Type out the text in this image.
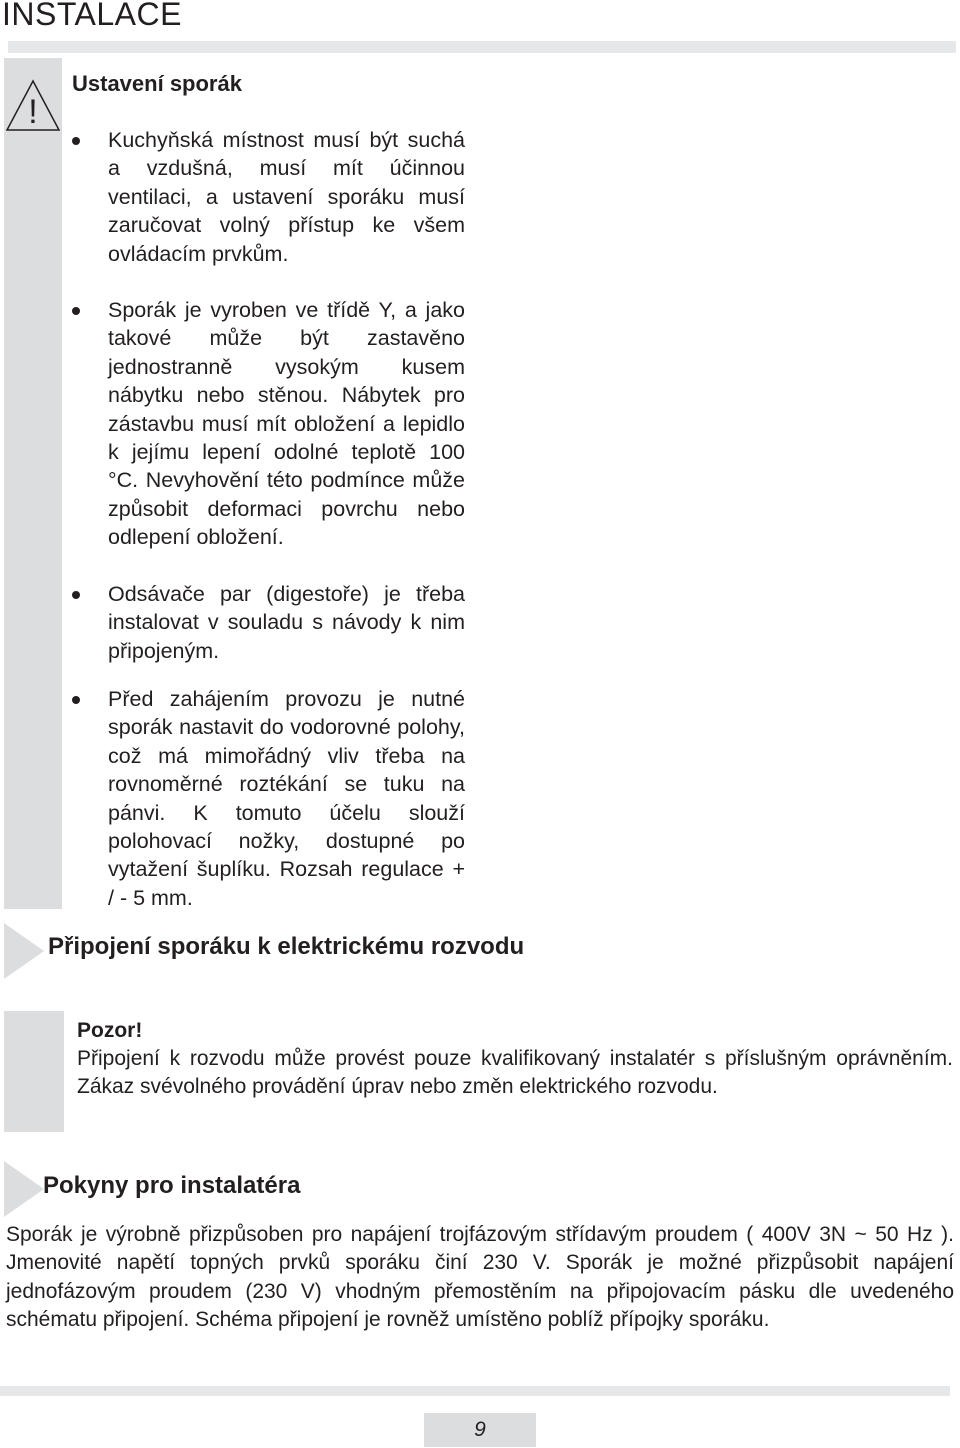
INSTALACE
!
Ustavení sporák
Kuchyňská místnost musí být suchá a vzdušná, musí mít účinnou ventilaci, a ustavení sporáku musí zaručovat volný přístup ke všem ovládacím prvkům.
Sporák je vyroben ve třídě Y, a jako takové může být zastavěno jednostranně vysokým kusem nábytku nebo stěnou. Nábytek pro zástavbu musí mít obložení a lepidlo k jejímu lepení odolné teplotě 100 °C. Nevyhovění této podmínce může způsobit deformaci povrchu nebo odlepení obložení.
Odsávače par (digestoře) je třeba instalovat v souladu s návody k nim připojeným.
Před zahájením provozu je nutné sporák nastavit do vodorovné polohy, což má mimořádný vliv třeba na rovnoměrné roztékání se tuku na pánvi. K tomuto účelu slouží polohovací nožky, dostupné po vytažení šuplíku. Rozsah regulace + / - 5 mm.
Připojení sporáku k elektrickému rozvodu
Pozor!
Připojení k rozvodu může provést pouze kvalifikovaný instalatér s příslušným oprávněním. Zákaz svévolného provádění úprav nebo změn elektrického rozvodu.
Pokyny pro instalatéra
Sporák je výrobně přizpůsoben pro napájení trojfázovým střídavým proudem ( 400V 3N ~ 50 Hz ). Jmenovité napětí topných prvků sporáku činí 230 V. Sporák je možné přizpůsobit napájení jednofázovým proudem (230 V) vhodným přemostěním na připojovacím pásku dle uvedeného schématu připojení. Schéma připojení je rovněž umístěno poblíž přípojky sporáku.
9
